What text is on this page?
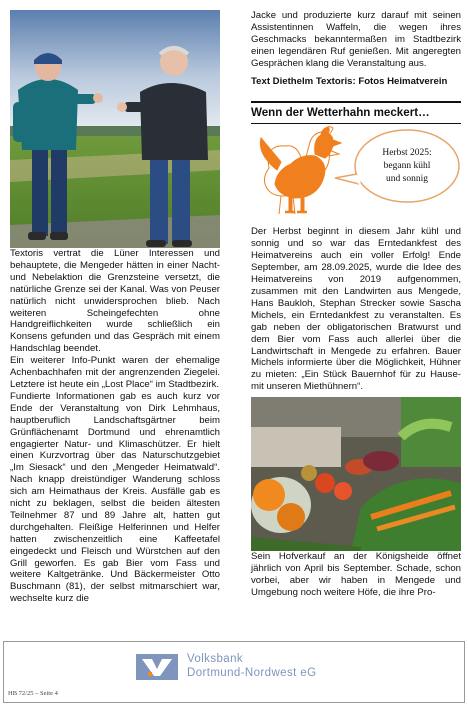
Textoris vertrat die Lüner Interessen und behauptete, die Mengeder hätten in einer Nacht- und Nebelaktion die Grenzsteine versetzt, die natürliche Grenze sei der Kanal. Was von Peuser natürlich nicht unwidersprochen blieb. Nach weiteren Scheingefechten ohne Handgreiflichkeiten wurde schließlich ein Konsens gefunden und das Gespräch mit einem Handschlag beendet.

Ein weiterer Info-Punkt waren der ehemalige Achenbachhafen mit der angrenzenden Ziegelei. Letztere ist heute ein „Lost Place“ im Stadtbezirk.

Fundierte Informationen gab es auch kurz vor Ende der Veranstaltung von Dirk Lehmhaus, hauptberuflich Landschaftsgärtner beim Grünflächenamt Dortmund und ehrenamtlich engagierter Natur- und Klimaschützer. Er hielt einen Kurzvortrag über das Naturschutzgebiet „Im Siesack“ und den „Mengeder Heimatwald“. Nach knapp dreistündiger Wanderung schloss sich am Heimathaus der Kreis. Ausfälle gab es nicht zu beklagen, selbst die beiden ältesten Teilnehmer 87 und 89 Jahre alt, hatten gut durchgehalten. Fleißige Helferinnen und Helfer hatten zwischenzeitlich eine Kaffeetafel eingedeckt und Fleisch und Würstchen auf den Grill geworfen. Es gab Bier vom Fass und weitere Kaltgetränke. Und Bäckermeister Otto Buschmann (81), der selbst mitmarschiert war, wechselte kurz die

Jacke und produzierte kurz darauf mit seinen Assistentinnen Waffeln, die wegen ihres Geschmacks bekanntermaßen im Stadtbezirk einen legendären Ruf genießen. Mit angeregten Gesprächen klang die Veranstaltung aus.

Text Diethelm Textoris: Fotos Heimatverein

Wenn der Wetterhahn meckert…
Herbst 2025:
begann kühl
und sonnig

Der Herbst beginnt in diesem Jahr kühl und sonnig und so war das Erntedankfest des Heimatvereins auch ein voller Erfolg! Ende September, am 28.09.2025, wurde die Idee des Heimatvereins von 2019 aufgenommen, zusammen mit den Landwirten aus Mengede, Hans Baukloh, Stephan Strecker sowie Sascha Michels, ein Erntedankfest zu veranstalten. Es gab neben der obligatorischen Bratwurst und dem Bier vom Fass auch allerlei über die Landwirtschaft in Mengede zu erfahren. Bauer Michels informierte über die Möglichkeit, Hühner zu mieten: „Ein Stück Bauernhof für zu Hause- mit unseren Miethühnern“.

Sein Hofverkauf an der Königsheide öffnet jährlich von April bis September. Schade, schon vorbei, aber wir haben in Mengede und Umgebung noch weitere Höfe, die ihre Pro-

Volksbank
Dortmund-Nordwest eG
HB 72/25 – Seite 4
